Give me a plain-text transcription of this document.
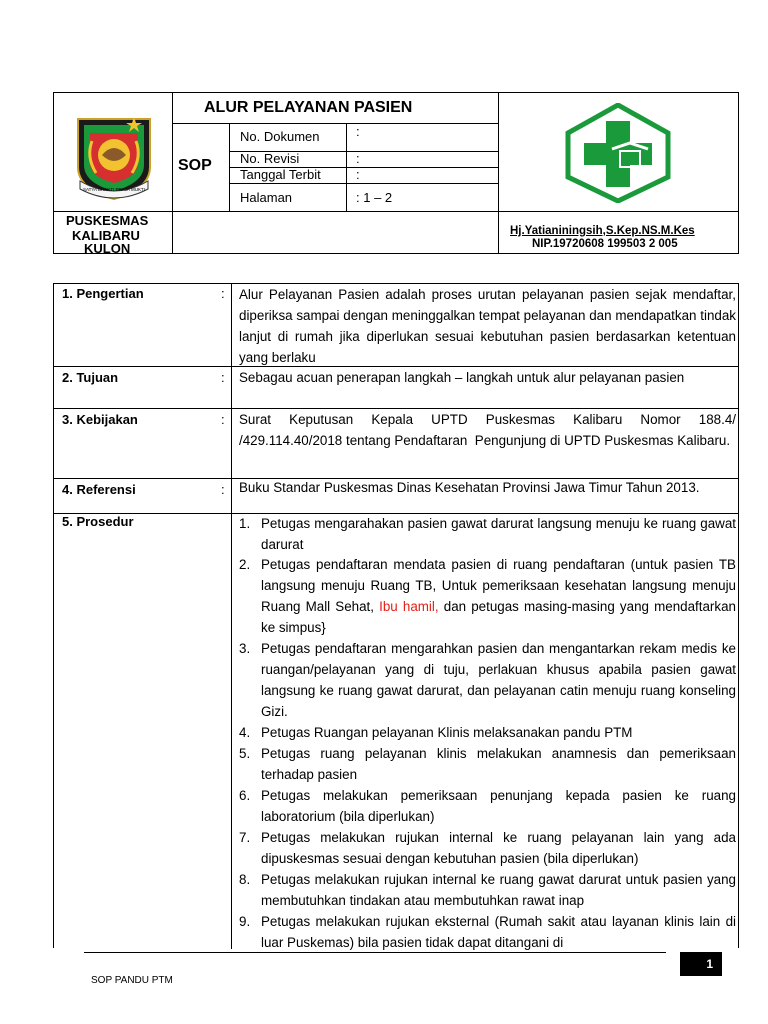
SATYA BHAKTI PRAJA MUKTI
ALUR PELAYANAN PASIEN
SOP
No. Dokumen	:
No. Revisi	:
Tanggal Terbit	:
Halaman	: 1 – 2
PUSKESMAS
KALIBARU
KULON
Hj.Yatianiningsih,S.Kep.NS.M.Kes
NIP.19720608 199503 2 005
1. Pengertian	: Alur Pelayanan Pasien adalah proses urutan pelayanan pasien sejak mendaftar, diperiksa sampai dengan meninggalkan tempat pelayanan dan mendapatkan tindak lanjut di rumah jika diperlukan sesuai kebutuhan pasien berdasarkan ketentuan yang berlaku
2. Tujuan	: Sebagau acuan penerapan langkah – langkah untuk alur pelayanan pasien
3. Kebijakan	: Surat Keputusan Kepala UPTD Puskesmas Kalibaru Nomor 188.4/     /429.114.40/2018 tentang Pendaftaran  Pengunjung di UPTD Puskesmas Kalibaru.
4. Referensi	: Buku Standar Puskesmas Dinas Kesehatan Provinsi Jawa Timur Tahun 2013.
5. Prosedur	1. Petugas mengarahakan pasien gawat darurat langsung menuju ke ruang gawat darurat
2. Petugas pendaftaran mendata pasien di ruang pendaftaran (untuk pasien TB langsung menuju Ruang TB, Untuk pemeriksaan kesehatan langsung menuju Ruang Mall Sehat, Ibu hamil, dan petugas masing-masing yang mendaftarkan ke simpus}
3. Petugas pendaftaran mengarahkan pasien dan mengantarkan rekam medis ke ruangan/pelayanan yang di tuju, perlakuan khusus apabila pasien gawat langsung ke ruang gawat darurat, dan pelayanan catin menuju ruang konseling Gizi.
4. Petugas Ruangan pelayanan Klinis melaksanakan pandu PTM
5. Petugas ruang pelayanan klinis melakukan anamnesis dan pemeriksaan terhadap pasien
6. Petugas melakukan pemeriksaan penunjang kepada pasien ke ruang laboratorium (bila diperlukan)
7. Petugas melakukan rujukan internal ke ruang pelayanan lain yang ada dipuskesmas sesuai dengan kebutuhan pasien (bila diperlukan)
8. Petugas melakukan rujukan internal ke ruang gawat darurat untuk pasien yang membutuhkan tindakan atau membutuhkan rawat inap
9. Petugas melakukan rujukan eksternal (Rumah sakit atau layanan klinis lain di luar Puskemas) bila pasien tidak dapat ditangani di
1
SOP PANDU PTM
